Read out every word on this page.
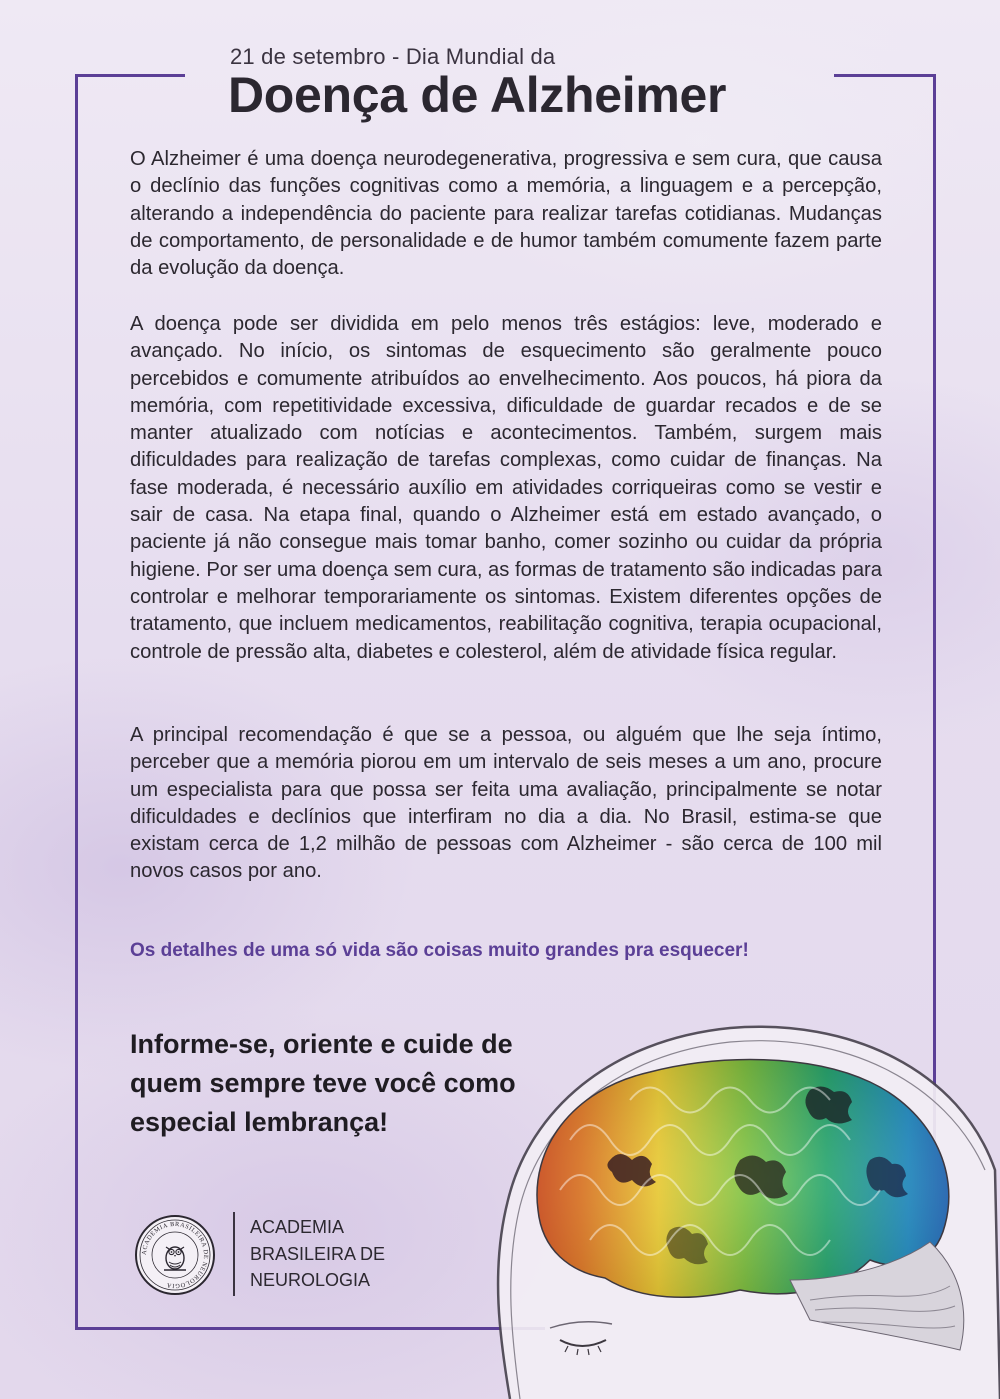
21 de setembro - Dia Mundial da
Doença de Alzheimer

O Alzheimer é uma doença neurodegenerativa, progressiva e sem cura, que causa o declínio das funções cognitivas como a memória, a linguagem e a percepção, alterando a independência do paciente para realizar tarefas cotidianas. Mudanças de comportamento, de personalidade e de humor também comumente fazem parte da evolução da doença.

A doença pode ser dividida em pelo menos três estágios: leve, moderado e avançado. No início, os sintomas de esquecimento são geralmente pouco percebidos e comumente atribuídos ao envelhecimento. Aos poucos, há piora da memória, com repetitividade excessiva, dificuldade de guardar recados e de se manter atualizado com notícias e acontecimentos. Também, surgem mais dificuldades para realização de tarefas complexas, como cuidar de finanças. Na fase moderada, é necessário auxílio em atividades corriqueiras como se vestir e sair de casa. Na etapa final, quando o Alzheimer está em estado avançado, o paciente já não consegue mais tomar banho, comer sozinho ou cuidar da própria higiene. Por ser uma doença sem cura, as formas de tratamento são indicadas para controlar e melhorar temporariamente os sintomas. Existem diferentes opções de tratamento, que incluem medicamentos, reabilitação cognitiva, terapia ocupacional, controle de pressão alta, diabetes e colesterol, além de atividade física regular.

A principal recomendação é que se a pessoa, ou alguém que lhe seja íntimo, perceber que a memória piorou em um intervalo de seis meses a um ano, procure um especialista para que possa ser feita uma avaliação, principalmente se notar dificuldades e declínios que interfiram no dia a dia. No Brasil, estima-se que existam cerca de 1,2 milhão de pessoas com Alzheimer - são cerca de 100 mil novos casos por ano.

Os detalhes de uma só vida são coisas muito grandes pra esquecer!

Informe-se, oriente e cuide de quem sempre teve você como especial lembrança!

ACADEMIA BRASILEIRA DE NEUROLOGIA
ACADEMIA
BRASILEIRA DE
NEUROLOGIA
